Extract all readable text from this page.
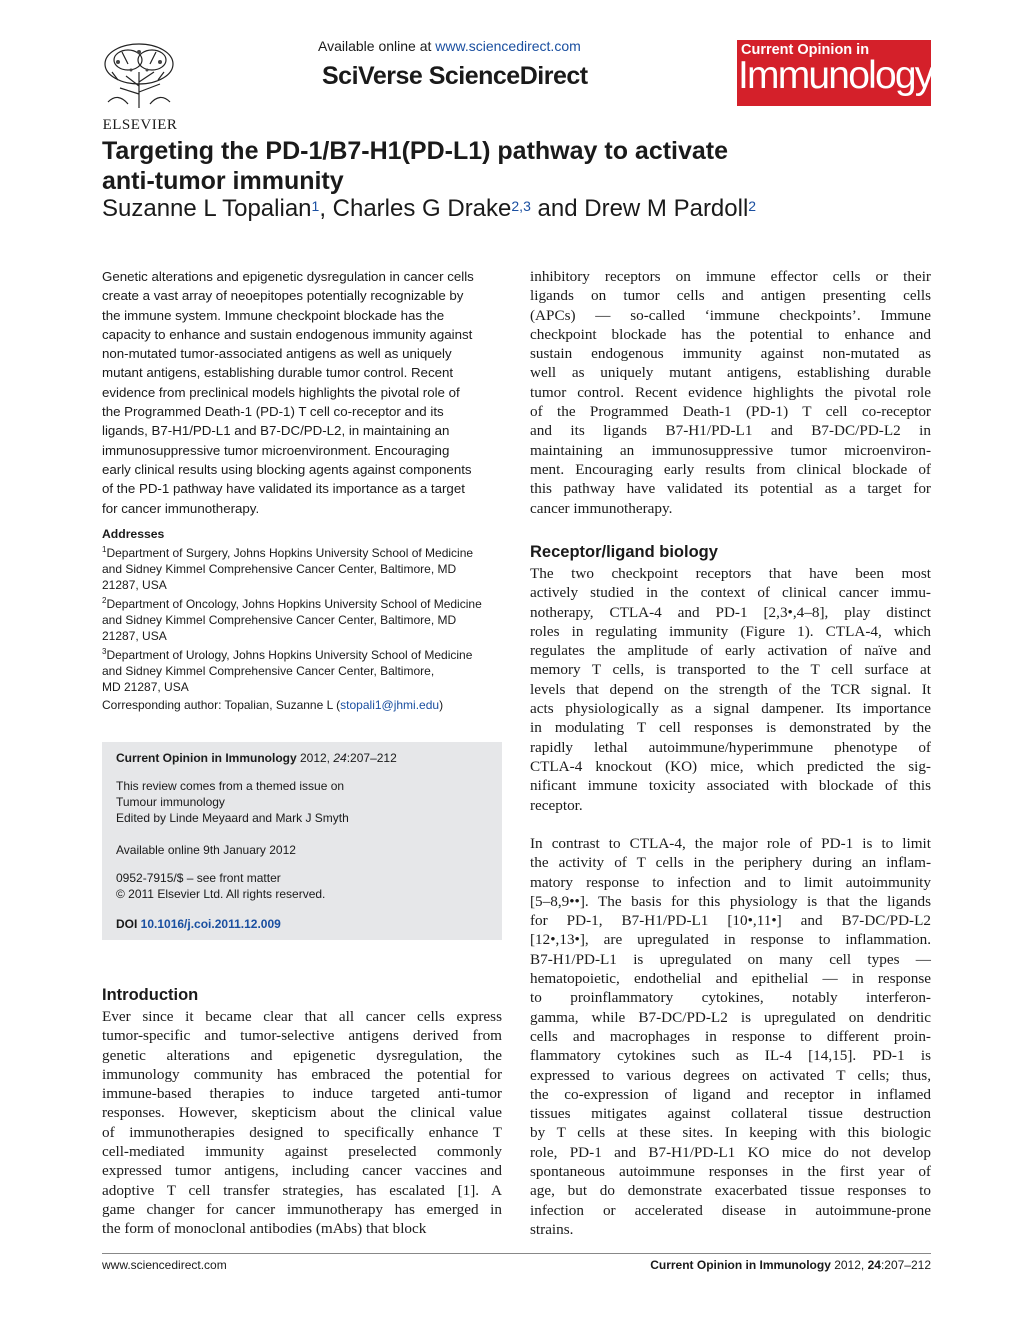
ELSEVIER
Available online at www.sciencedirect.com
SciVerse ScienceDirect
Current Opinion in
Immunology
Targeting the PD-1/B7-H1(PD-L1) pathway to activate
anti-tumor immunity
Suzanne L Topalian$^1$, Charles G Drake$^{2,3}$ and Drew M Pardoll$^2$
Genetic alterations and epigenetic dysregulation in cancer cells
create a vast array of neoepitopes potentially recognizable by
the immune system. Immune checkpoint blockade has the
capacity to enhance and sustain endogenous immunity against
non-mutated tumor-associated antigens as well as uniquely
mutant antigens, establishing durable tumor control. Recent
evidence from preclinical models highlights the pivotal role of
the Programmed Death-1 (PD-1) T cell co-receptor and its
ligands, B7-H1/PD-L1 and B7-DC/PD-L2, in maintaining an
immunosuppressive tumor microenvironment. Encouraging
early clinical results using blocking agents against components
of the PD-1 pathway have validated its importance as a target
for cancer immunotherapy.
Addresses
$^1$Department of Surgery, Johns Hopkins University School of Medicine
and Sidney Kimmel Comprehensive Cancer Center, Baltimore, MD
21287, USA
$^2$Department of Oncology, Johns Hopkins University School of Medicine
and Sidney Kimmel Comprehensive Cancer Center, Baltimore, MD
21287, USA
$^3$Department of Urology, Johns Hopkins University School of Medicine
and Sidney Kimmel Comprehensive Cancer Center, Baltimore,
MD 21287, USA
Corresponding author: Topalian, Suzanne L (stopali1@jhmi.edu)
Current Opinion in Immunology 2012, 24:207–212
This review comes from a themed issue on
Tumour immunology
Edited by Linde Meyaard and Mark J Smyth
Available online 9th January 2012
0952-7915/$ – see front matter
© 2011 Elsevier Ltd. All rights reserved.
DOI 10.1016/j.coi.2011.12.009
Introduction
Ever since it became clear that all cancer cells express
tumor-specific and tumor-selective antigens derived from
genetic alterations and epigenetic dysregulation, the
immunology community has embraced the potential for
immune-based therapies to induce targeted anti-tumor
responses. However, skepticism about the clinical value
of immunotherapies designed to specifically enhance T
cell-mediated immunity against preselected commonly
expressed tumor antigens, including cancer vaccines and
adoptive T cell transfer strategies, has escalated [1]. A
game changer for cancer immunotherapy has emerged in
the form of monoclonal antibodies (mAbs) that block
inhibitory receptors on immune effector cells or their
ligands on tumor cells and antigen presenting cells
(APCs) — so-called ‘immune checkpoints’. Immune
checkpoint blockade has the potential to enhance and
sustain endogenous immunity against non-mutated as
well as uniquely mutant antigens, establishing durable
tumor control. Recent evidence highlights the pivotal role
of the Programmed Death-1 (PD-1) T cell co-receptor
and its ligands B7-H1/PD-L1 and B7-DC/PD-L2 in
maintaining an immunosuppressive tumor microenviron-
ment. Encouraging early results from clinical blockade of
this pathway have validated its potential as a target for
cancer immunotherapy.
Receptor/ligand biology
The two checkpoint receptors that have been most
actively studied in the context of clinical cancer immu-
notherapy, CTLA-4 and PD-1 [2,3•,4–8], play distinct
roles in regulating immunity (Figure 1). CTLA-4, which
regulates the amplitude of early activation of naïve and
memory T cells, is transported to the T cell surface at
levels that depend on the strength of the TCR signal. It
acts physiologically as a signal dampener. Its importance
in modulating T cell responses is demonstrated by the
rapidly lethal autoimmune/hyperimmune phenotype of
CTLA-4 knockout (KO) mice, which predicted the sig-
nificant immune toxicity associated with blockade of this
receptor.
In contrast to CTLA-4, the major role of PD-1 is to limit
the activity of T cells in the periphery during an inflam-
matory response to infection and to limit autoimmunity
[5–8,9••]. The basis for this physiology is that the ligands
for PD-1, B7-H1/PD-L1 [10•,11•] and B7-DC/PD-L2
[12•,13•], are upregulated in response to inflammation.
B7-H1/PD-L1 is upregulated on many cell types —
hematopoietic, endothelial and epithelial — in response
to proinflammatory cytokines, notably interferon-
gamma, while B7-DC/PD-L2 is upregulated on dendritic
cells and macrophages in response to different proin-
flammatory cytokines such as IL-4 [14,15]. PD-1 is
expressed to various degrees on activated T cells; thus,
the co-expression of ligand and receptor in inflamed
tissues mitigates against collateral tissue destruction
by T cells at these sites. In keeping with this biologic
role, PD-1 and B7-H1/PD-L1 KO mice do not develop
spontaneous autoimmune responses in the first year of
age, but do demonstrate exacerbated tissue responses to
infection or accelerated disease in autoimmune-prone
strains.
www.sciencedirect.com	Current Opinion in Immunology 2012, 24:207–212
